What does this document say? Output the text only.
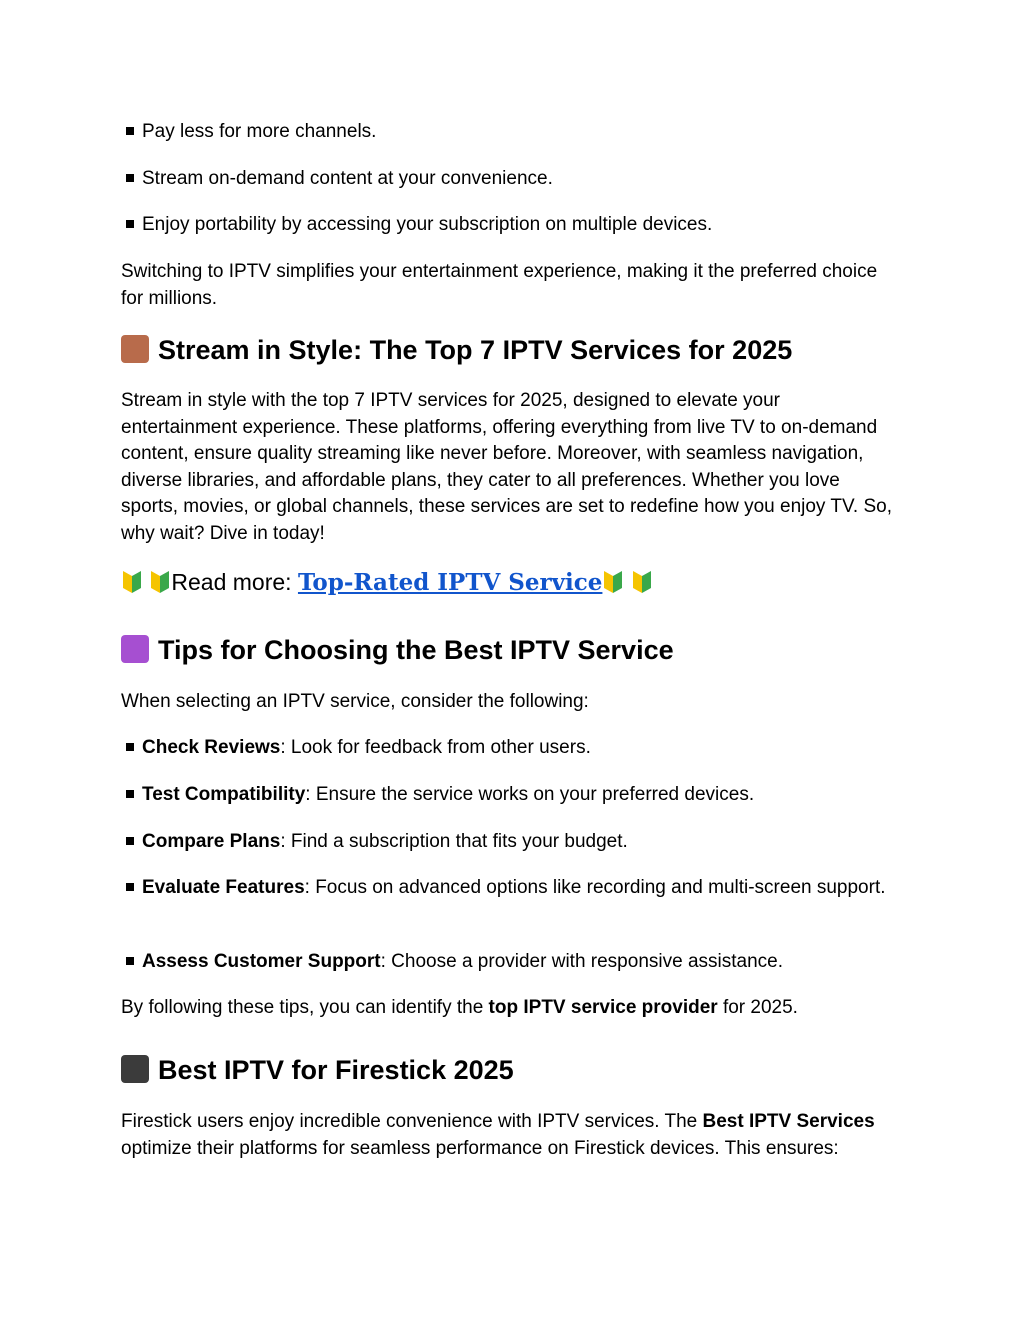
Pay less for more channels.

Stream on-demand content at your convenience.

Enjoy portability by accessing your subscription on multiple devices.

Switching to IPTV simplifies your entertainment experience, making it the preferred choice for millions.

Stream in Style: The Top 7 IPTV Services for 2025

Stream in style with the top 7 IPTV services for 2025, designed to elevate your entertainment experience. These platforms, offering everything from live TV to on-demand content, ensure quality streaming like never before. Moreover, with seamless navigation, diverse libraries, and affordable plans, they cater to all preferences. Whether you love sports, movies, or global channels, these services are set to redefine how you enjoy TV. So, why wait? Dive in today!

Read more: Top-Rated IPTV Service
Tips for Choosing the Best IPTV Service

When selecting an IPTV service, consider the following:

Check Reviews: Look for feedback from other users.

Test Compatibility: Ensure the service works on your preferred devices.

Compare Plans: Find a subscription that fits your budget.

Evaluate Features: Focus on advanced options like recording and multi-screen support.

Assess Customer Support: Choose a provider with responsive assistance.

By following these tips, you can identify the top IPTV service provider for 2025.

Best IPTV for Firestick 2025

Firestick users enjoy incredible convenience with IPTV services. The Best IPTV Services optimize their platforms for seamless performance on Firestick devices. This ensures:
